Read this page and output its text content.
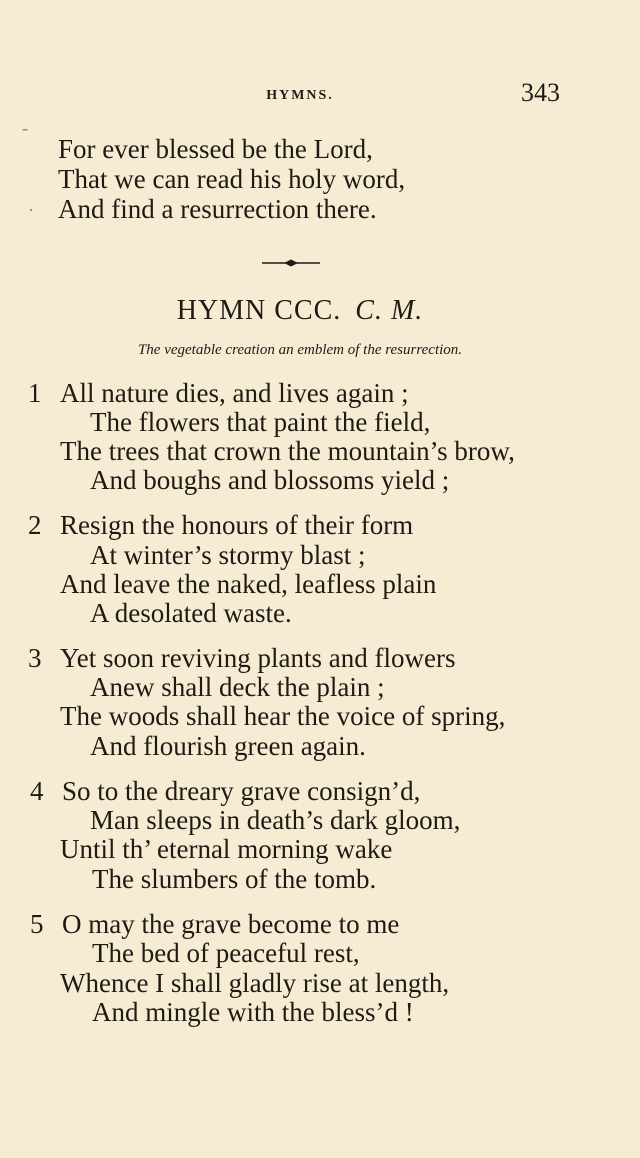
HYMNS.	343
-
·
For ever blessed be the Lord,
That we can read his holy word,
And find a resurrection there.
HYMN CCC. C. M.
The vegetable creation an emblem of the resurrection.
1 All nature dies, and lives again ;
The flowers that paint the field,
The trees that crown the mountain’s brow,
And boughs and blossoms yield ;
2 Resign the honours of their form
At winter’s stormy blast ;
And leave the naked, leafless plain
A desolated waste.
3 Yet soon reviving plants and flowers
Anew shall deck the plain ;
The woods shall hear the voice of spring,
And flourish green again.
4 So to the dreary grave consign’d,
Man sleeps in death’s dark gloom,
Until th’ eternal morning wake
The slumbers of the tomb.
5 O may the grave become to me
The bed of peaceful rest,
Whence I shall gladly rise at length,
And mingle with the bless’d !
